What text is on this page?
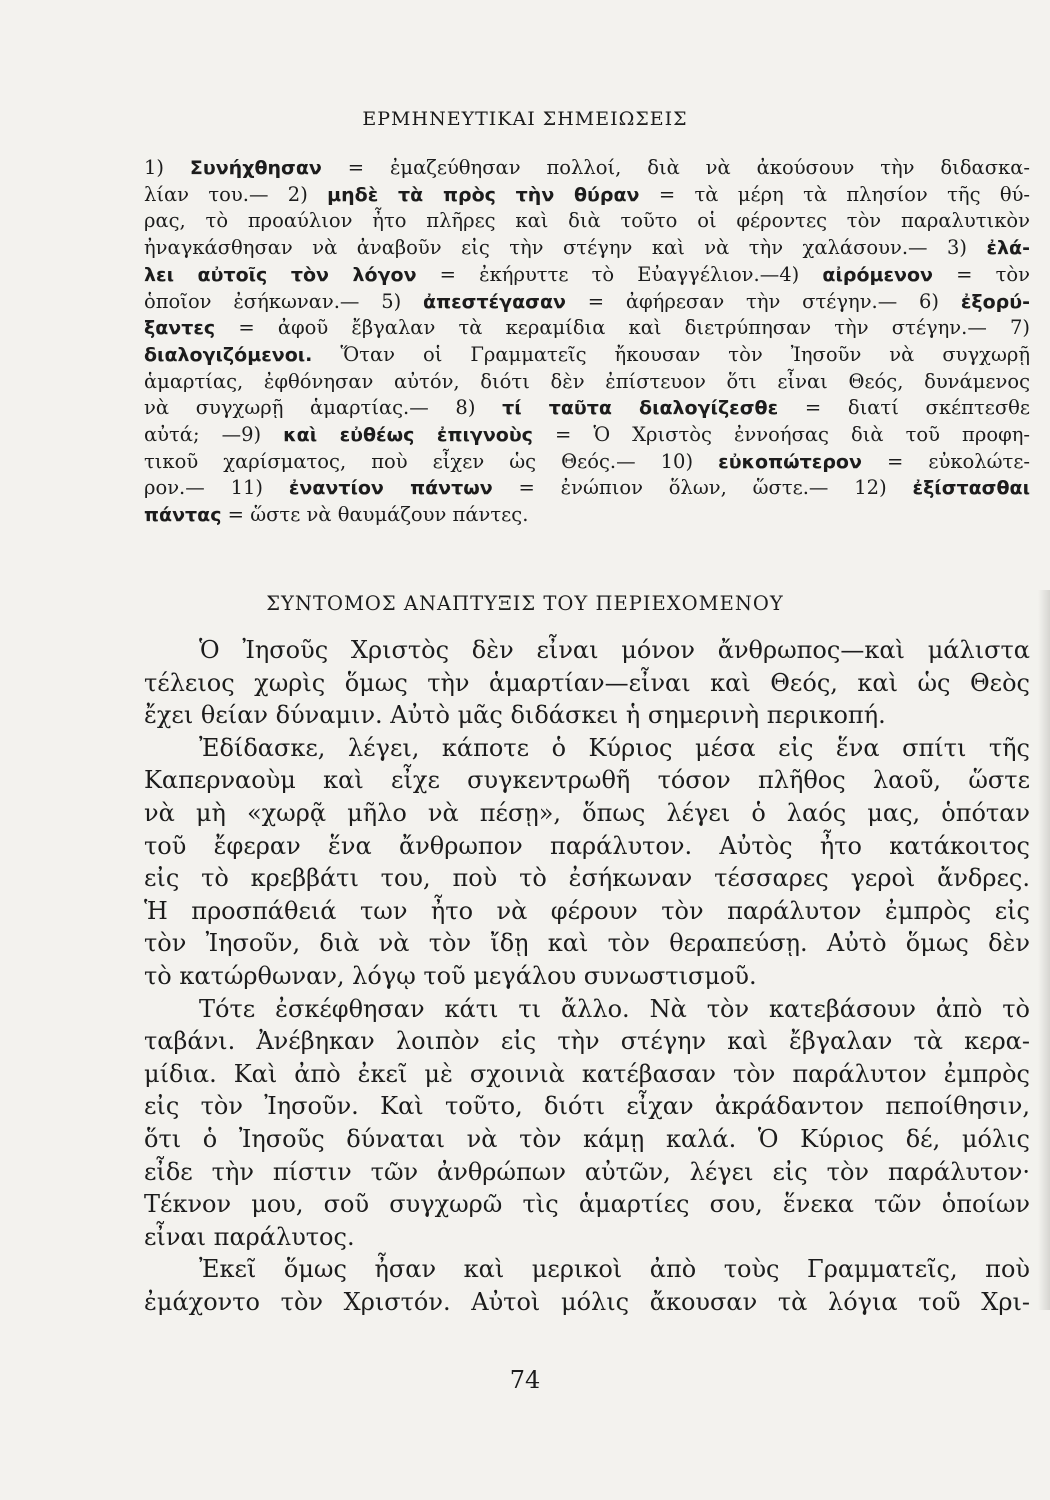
ΕΡΜΗΝΕΥΤΙΚΑΙ ΣΗΜΕΙΩΣΕΙΣ
1) Συνήχθησαν = ἐμαζεύθησαν πολλοί, διὰ νὰ ἀκούσουν τὴν διδασκα-
λίαν του.— 2) μηδὲ τὰ πρὸς τὴν θύραν = τὰ μέρη τὰ πλησίον τῆς θύ-
ρας, τὸ προαύλιον ἦτο πλῆρες καὶ διὰ τοῦτο οἱ φέροντες τὸν παραλυτικὸν
ἠναγκάσθησαν νὰ ἀναβοῦν εἰς τὴν στέγην καὶ νὰ τὴν χαλάσουν.— 3) ἐλά-
λει αὐτοῖς τὸν λόγον = ἐκήρυττε τὸ Εὐαγγέλιον.—4) αἰρόμενον = τὸν
ὁποῖον ἐσήκωναν.— 5) ἀπεστέγασαν = ἀφήρεσαν τὴν στέγην.— 6) ἐξορύ-
ξαντες = ἀφοῦ ἔβγαλαν τὰ κεραμίδια καὶ διετρύπησαν τὴν στέγην.— 7)
διαλογιζόμενοι. Ὅταν οἱ Γραμματεῖς ἤκουσαν τὸν Ἰησοῦν νὰ συγχωρῇ
ἁμαρτίας, ἐφθόνησαν αὐτόν, διότι δὲν ἐπίστευον ὅτι εἶναι Θεός, δυνάμενος
νὰ συγχωρῇ ἁμαρτίας.— 8) τί ταῦτα διαλογίζεσθε = διατί σκέπτεσθε
αὐτά; —9) καὶ εὐθέως ἐπιγνοὺς = Ὁ Χριστὸς ἐννοήσας διὰ τοῦ προφη-
τικοῦ χαρίσματος, ποὺ εἶχεν ὡς Θεός.— 10) εὐκοπώτερον = εὐκολώτε-
ρον.— 11) ἐναντίον πάντων = ἐνώπιον ὅλων, ὥστε.— 12) ἐξίστασθαι
πάντας = ὥστε νὰ θαυμάζουν πάντες.
ΣΥΝΤΟΜΟΣ ΑΝΑΠΤΥΞΙΣ ΤΟΥ ΠΕΡΙΕΧΟΜΕΝΟΥ
Ὁ Ἰησοῦς Χριστὸς δὲν εἶναι μόνον ἄνθρωπος—καὶ μάλιστα
τέλειος χωρὶς ὅμως τὴν ἁμαρτίαν—εἶναι καὶ Θεός, καὶ ὡς Θεὸς
ἔχει θείαν δύναμιν. Αὐτὸ μᾶς διδάσκει ἡ σημερινὴ περικοπή.
Ἐδίδασκε, λέγει, κάποτε ὁ Κύριος μέσα εἰς ἕνα σπίτι τῆς
Καπερναοὺμ καὶ εἶχε συγκεντρωθῆ τόσον πλῆθος λαοῦ, ὥστε
νὰ μὴ «χωρᾷ μῆλο νὰ πέσῃ», ὅπως λέγει ὁ λαός μας, ὁπόταν
τοῦ ἔφεραν ἕνα ἄνθρωπον παράλυτον. Αὐτὸς ἦτο κατάκοιτος
εἰς τὸ κρεββάτι του, ποὺ τὸ ἐσήκωναν τέσσαρες γεροὶ ἄνδρες.
Ἡ προσπάθειά των ἦτο νὰ φέρουν τὸν παράλυτον ἐμπρὸς εἰς
τὸν Ἰησοῦν, διὰ νὰ τὸν ἴδῃ καὶ τὸν θεραπεύσῃ. Αὐτὸ ὅμως δὲν
τὸ κατώρθωναν, λόγῳ τοῦ μεγάλου συνωστισμοῦ.
Τότε ἐσκέφθησαν κάτι τι ἄλλο. Νὰ τὸν κατεβάσουν ἀπὸ τὸ
ταβάνι. Ἀνέβηκαν λοιπὸν εἰς τὴν στέγην καὶ ἔβγαλαν τὰ κερα-
μίδια. Καὶ ἀπὸ ἐκεῖ μὲ σχοινιὰ κατέβασαν τὸν παράλυτον ἐμπρὸς
εἰς τὸν Ἰησοῦν. Καὶ τοῦτο, διότι εἶχαν ἀκράδαντον πεποίθησιν,
ὅτι ὁ Ἰησοῦς δύναται νὰ τὸν κάμῃ καλά. Ὁ Κύριος δέ, μόλις
εἶδε τὴν πίστιν τῶν ἀνθρώπων αὐτῶν, λέγει εἰς τὸν παράλυτον·
Τέκνον μου, σοῦ συγχωρῶ τὶς ἁμαρτίες σου, ἕνεκα τῶν ὁποίων
εἶναι παράλυτος.
Ἐκεῖ ὅμως ἦσαν καὶ μερικοὶ ἀπὸ τοὺς Γραμματεῖς, ποὺ
ἐμάχοντο τὸν Χριστόν. Αὐτοὶ μόλις ἄκουσαν τὰ λόγια τοῦ Χρι-
74
